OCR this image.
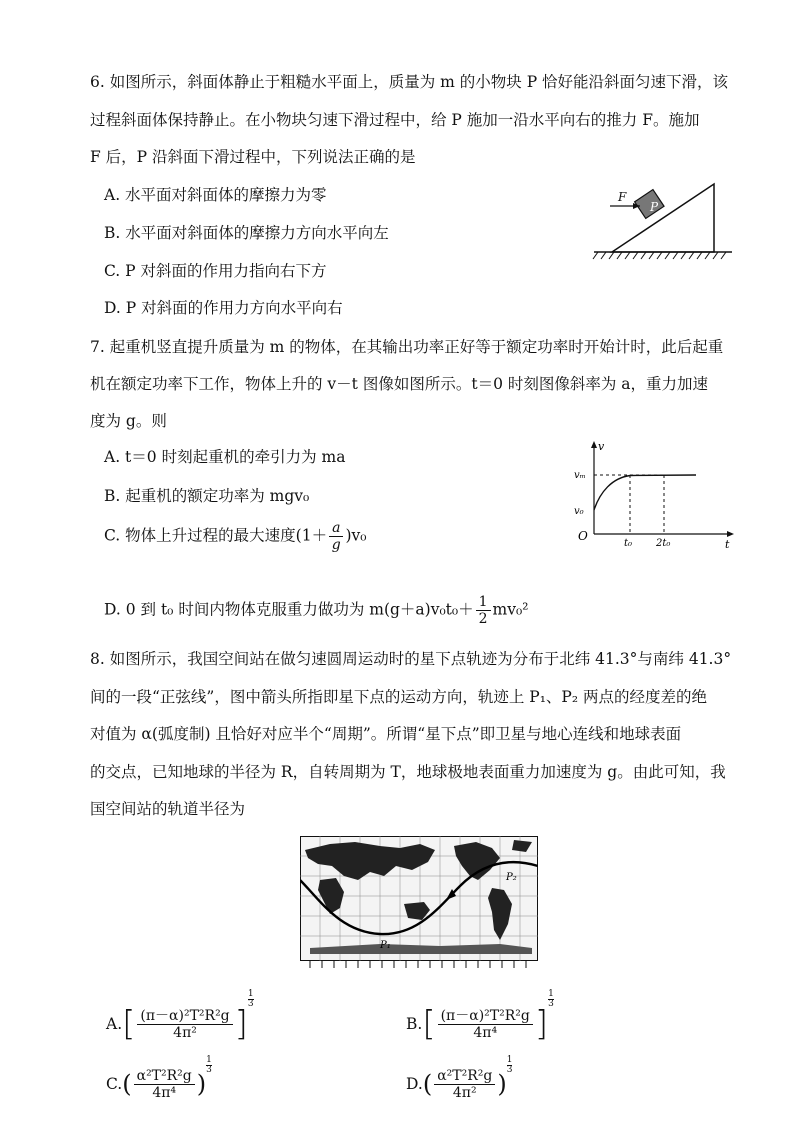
6. 如图所示，斜面体静止于粗糙水平面上，质量为 m 的小物块 P 恰好能沿斜面匀速下滑，该
过程斜面体保持静止。在小物块匀速下滑过程中，给 P 施加一沿水平向右的推力 F。施加
F 后，P 沿斜面下滑过程中，下列说法正确的是
A. 水平面对斜面体的摩擦力为零
B. 水平面对斜面体的摩擦力方向水平向左
C. P 对斜面的作用力指向右下方
D. P 对斜面的作用力方向水平向右
P
F
7. 起重机竖直提升质量为 m 的物体，在其输出功率正好等于额定功率时开始计时，此后起重
机在额定功率下工作，物体上升的 v－t 图像如图所示。t＝0 时刻图像斜率为 a，重力加速
度为 g。则
A. t＝0 时刻起重机的牵引力为 ma
B. 起重机的额定功率为 mgv₀
C. 物体上升过程的最大速度$(1+ \frac{a}{g} )v_0$
D. 0 到 t₀ 时间内物体克服重力做功为 $m(g+a)v_0t_0+ \frac{1}{2} mv_0^2$
v
t
O
vₘ
v₀
t₀ 2t₀
8. 如图所示，我国空间站在做匀速圆周运动时的星下点轨迹为分布于北纬 41.3°与南纬 41.3°
间的一段“正弦线”，图中箭头所指即星下点的运动方向，轨迹上 P₁、P₂ 两点的经度差的绝
对值为 α(弧度制) 且恰好对应半个“周期”。所谓“星下点”即卫星与地心连线和地球表面
的交点，已知地球的半径为 R，自转周期为 T，地球极地表面重力加速度为 g。由此可知，我
国空间站的轨道半径为
P₁
P₂
$A.[ \frac{\text{(π－α)²T²R²g}}{\text{4π²}}$ ]
$\frac{1}{3}$
$B.[ \frac{\text{(π－α)²T²R²g}}{\text{4π⁴}}$ ]
$\frac{1}{3}$
$C.( \frac{\text{α²T²R²g}}{\text{4π⁴}}$ )
$\frac{1}{3}$
$D.( \frac{\text{α²T²R²g}}{\text{4π²}}$ )
$\frac{1}{3}$
